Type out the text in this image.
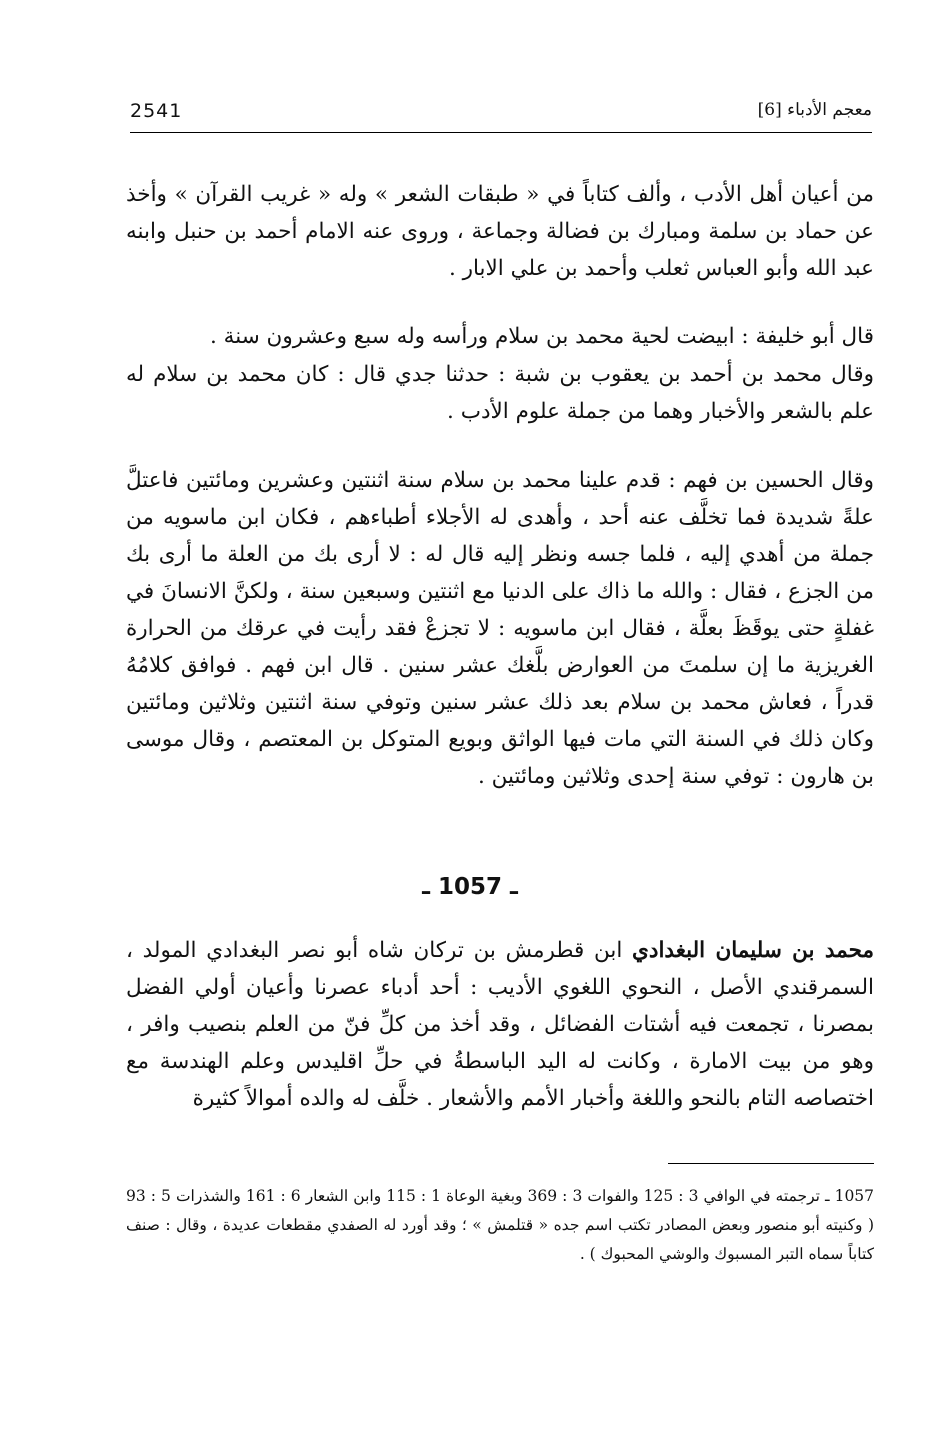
2541	معجم الأدباء [6]
من أعيان أهل الأدب ، وألف كتاباً في « طبقات الشعر » وله « غريب القرآن » وأخذ عن حماد بن سلمة ومبارك بن فضالة وجماعة ، وروى عنه الامام أحمد بن حنبل وابنه عبد الله وأبو العباس ثعلب وأحمد بن علي الابار .
قال أبو خليفة : ابيضت لحية محمد بن سلام ورأسه وله سبع وعشرون سنة .
وقال محمد بن أحمد بن يعقوب بن شبة : حدثنا جدي قال : كان محمد بن سلام له علم بالشعر والأخبار وهما من جملة علوم الأدب .
وقال الحسين بن فهم : قدم علينا محمد بن سلام سنة اثنتين وعشرين ومائتين فاعتلَّ علةً شديدة فما تخلَّف عنه أحد ، وأهدى له الأجلاء أطباءهم ، فكان ابن ماسويه من جملة من أهدي إليه ، فلما جسه ونظر إليه قال له : لا أرى بك من العلة ما أرى بك من الجزع ، فقال : والله ما ذاك على الدنيا مع اثنتين وسبعين سنة ، ولكنَّ الانسانَ في غفلةٍ حتى يوقَظَ بعلَّة ، فقال ابن ماسويه : لا تجزعْ فقد رأيت في عرقك من الحرارة الغريزية ما إن سلمتَ من العوارض بلَّغك عشر سنين . قال ابن فهم . فوافق كلامُهُ قدراً ، فعاش محمد بن سلام بعد ذلك عشر سنين وتوفي سنة اثنتين وثلاثين ومائتين وكان ذلك في السنة التي مات فيها الواثق وبويع المتوكل بن المعتصم ، وقال موسى بن هارون : توفي سنة إحدى وثلاثين ومائتين .
ـ 1057 ـ
محمد بن سليمان البغدادي ابن قطرمش بن تركان شاه أبو نصر البغدادي المولد ، السمرقندي الأصل ، النحوي اللغوي الأديب : أحد أدباء عصرنا وأعيان أولي الفضل بمصرنا ، تجمعت فيه أشتات الفضائل ، وقد أخذ من كلِّ فنّ من العلم بنصيب وافر ، وهو من بيت الامارة ، وكانت له اليد الباسطةُ في حلِّ اقليدس وعلم الهندسة مع اختصاصه التام بالنحو واللغة وأخبار الأمم والأشعار . خلَّف له والده أموالاً كثيرة
1057 ـ ترجمته في الوافي 3 : 125 والفوات 3 : 369 وبغية الوعاة 1 : 115 وابن الشعار 6 : 161 والشذرات 5 : 93 ( وكنيته أبو منصور وبعض المصادر تكتب اسم جده « قتلمش » ؛ وقد أورد له الصفدي مقطعات عديدة ، وقال : صنف كتاباً سماه التبر المسبوك والوشي المحبوك ) .
